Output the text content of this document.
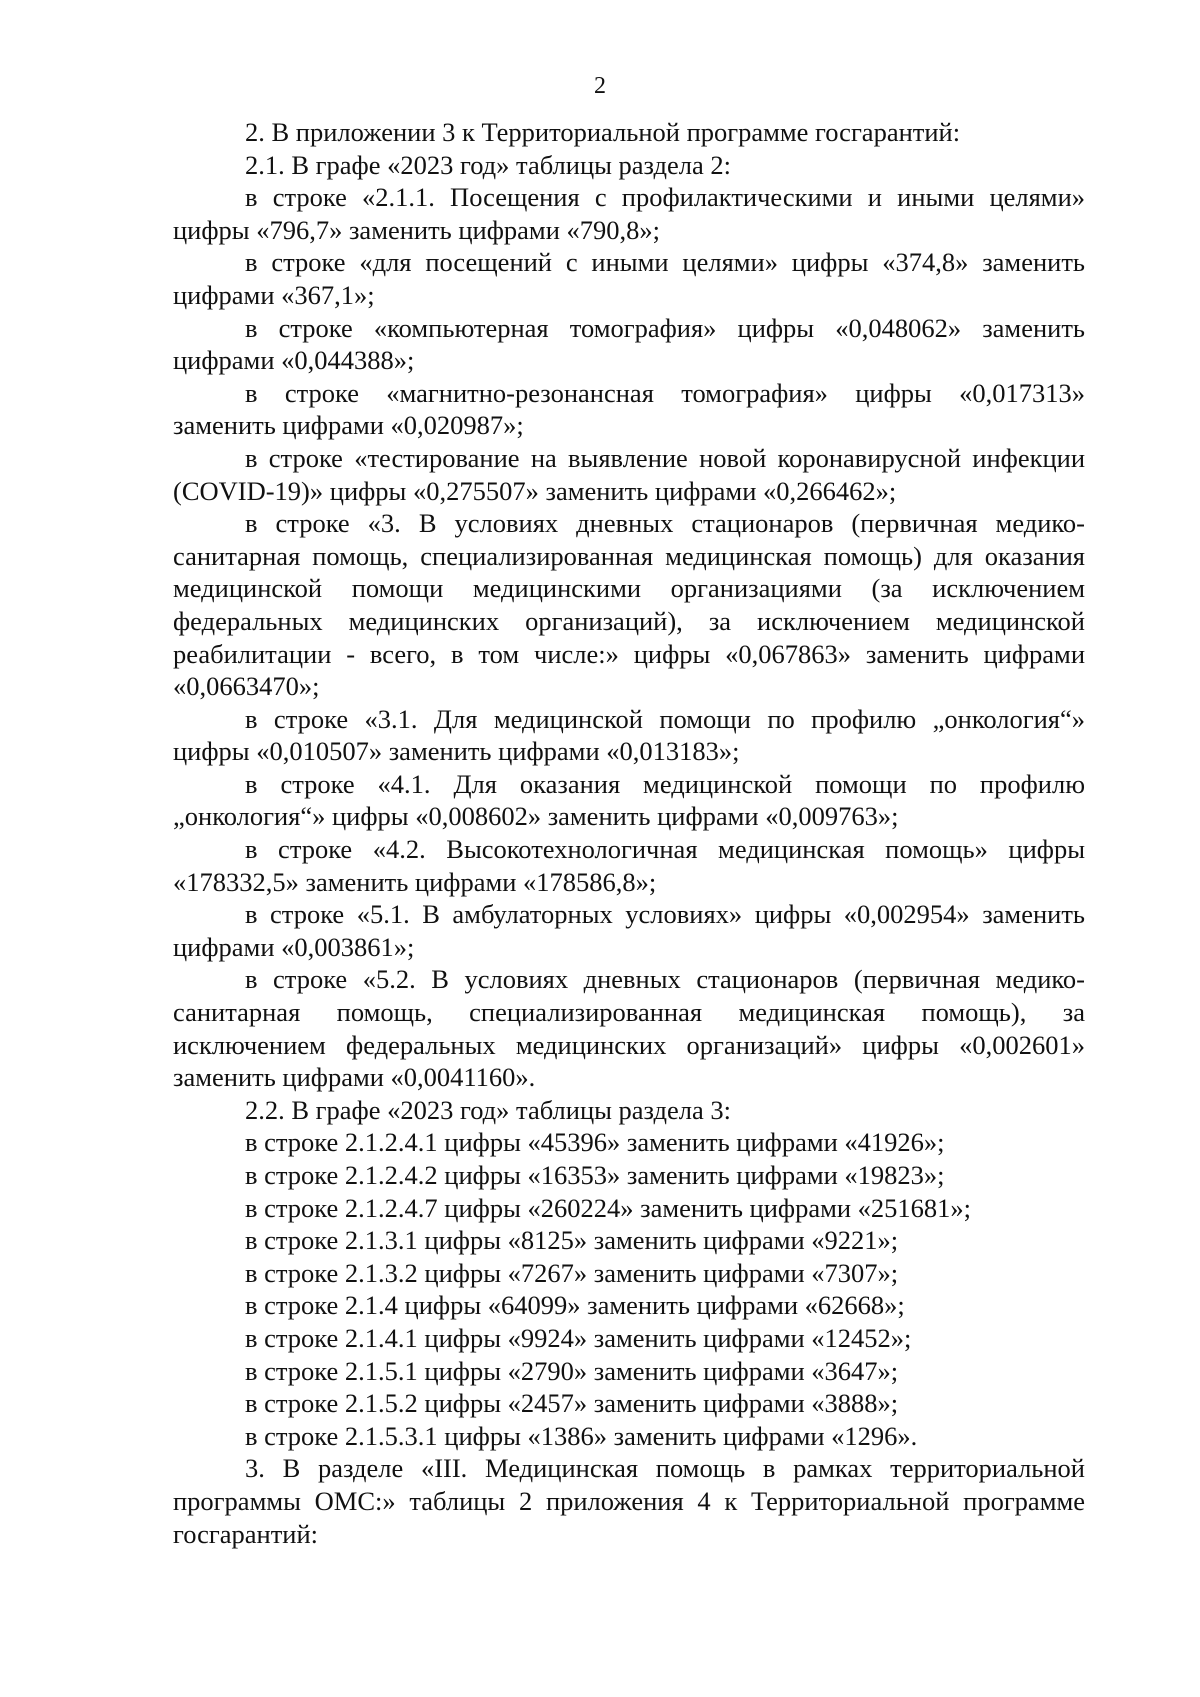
2

2. В приложении 3 к Территориальной программе госгарантий:

2.1. В графе «2023 год» таблицы раздела 2:

в строке «2.1.1. Посещения с профилактическими и иными целями» цифры «796,7» заменить цифрами «790,8»;

в строке «для посещений с иными целями» цифры «374,8» заменить цифрами «367,1»;

в строке «компьютерная томография» цифры «0,048062» заменить цифрами «0,044388»;

в строке «магнитно-резонансная томография» цифры «0,017313» заменить цифрами «0,020987»;

в строке «тестирование на выявление новой коронавирусной инфекции (COVID-19)» цифры «0,275507» заменить цифрами «0,266462»;

в строке «3. В условиях дневных стационаров (первичная медико-санитарная помощь, специализированная медицинская помощь) для оказания медицинской помощи медицинскими организациями (за исключением федеральных медицинских организаций), за исключением медицинской реабилитации - всего, в том числе:» цифры «0,067863» заменить цифрами «0,0663470»;

в строке «3.1. Для медицинской помощи по профилю „онкология“» цифры «0,010507» заменить цифрами «0,013183»;

в строке «4.1. Для оказания медицинской помощи по профилю „онкология“» цифры «0,008602» заменить цифрами «0,009763»;

в строке «4.2. Высокотехнологичная медицинская помощь» цифры «178332,5» заменить цифрами «178586,8»;

в строке «5.1. В амбулаторных условиях» цифры «0,002954» заменить цифрами «0,003861»;

в строке «5.2. В условиях дневных стационаров (первичная медико-санитарная помощь, специализированная медицинская помощь), за исключением федеральных медицинских организаций» цифры «0,002601» заменить цифрами «0,0041160».

2.2. В графе «2023 год» таблицы раздела 3:

в строке 2.1.2.4.1 цифры «45396» заменить цифрами «41926»;

в строке 2.1.2.4.2 цифры «16353» заменить цифрами «19823»;

в строке 2.1.2.4.7 цифры «260224» заменить цифрами «251681»;

в строке 2.1.3.1 цифры «8125» заменить цифрами «9221»;

в строке 2.1.3.2 цифры «7267» заменить цифрами «7307»;

в строке 2.1.4 цифры «64099» заменить цифрами «62668»;

в строке 2.1.4.1 цифры «9924» заменить цифрами «12452»;

в строке 2.1.5.1 цифры «2790» заменить цифрами «3647»;

в строке 2.1.5.2 цифры «2457» заменить цифрами «3888»;

в строке 2.1.5.3.1 цифры «1386» заменить цифрами «1296».

3. В разделе «III. Медицинская помощь в рамках территориальной программы ОМС:» таблицы 2 приложения 4 к Территориальной программе госгарантий:
